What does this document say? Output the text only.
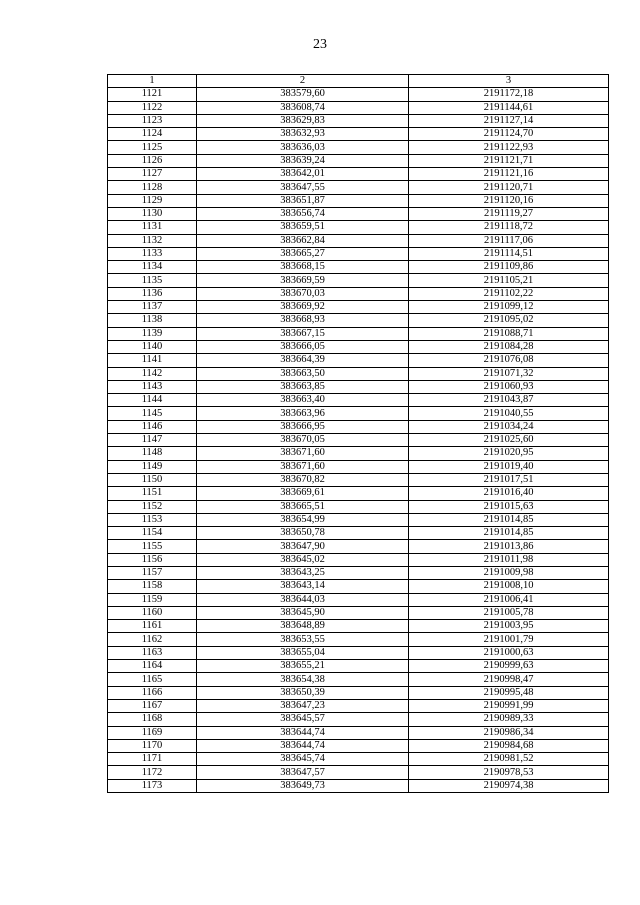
23
1	2	3
1121	383579,60	2191172,18
1122	383608,74	2191144,61
1123	383629,83	2191127,14
1124	383632,93	2191124,70
1125	383636,03	2191122,93
1126	383639,24	2191121,71
1127	383642,01	2191121,16
1128	383647,55	2191120,71
1129	383651,87	2191120,16
1130	383656,74	2191119,27
1131	383659,51	2191118,72
1132	383662,84	2191117,06
1133	383665,27	2191114,51
1134	383668,15	2191109,86
1135	383669,59	2191105,21
1136	383670,03	2191102,22
1137	383669,92	2191099,12
1138	383668,93	2191095,02
1139	383667,15	2191088,71
1140	383666,05	2191084,28
1141	383664,39	2191076,08
1142	383663,50	2191071,32
1143	383663,85	2191060,93
1144	383663,40	2191043,87
1145	383663,96	2191040,55
1146	383666,95	2191034,24
1147	383670,05	2191025,60
1148	383671,60	2191020,95
1149	383671,60	2191019,40
1150	383670,82	2191017,51
1151	383669,61	2191016,40
1152	383665,51	2191015,63
1153	383654,99	2191014,85
1154	383650,78	2191014,85
1155	383647,90	2191013,86
1156	383645,02	2191011,98
1157	383643,25	2191009,98
1158	383643,14	2191008,10
1159	383644,03	2191006,41
1160	383645,90	2191005,78
1161	383648,89	2191003,95
1162	383653,55	2191001,79
1163	383655,04	2191000,63
1164	383655,21	2190999,63
1165	383654,38	2190998,47
1166	383650,39	2190995,48
1167	383647,23	2190991,99
1168	383645,57	2190989,33
1169	383644,74	2190986,34
1170	383644,74	2190984,68
1171	383645,74	2190981,52
1172	383647,57	2190978,53
1173	383649,73	2190974,38
